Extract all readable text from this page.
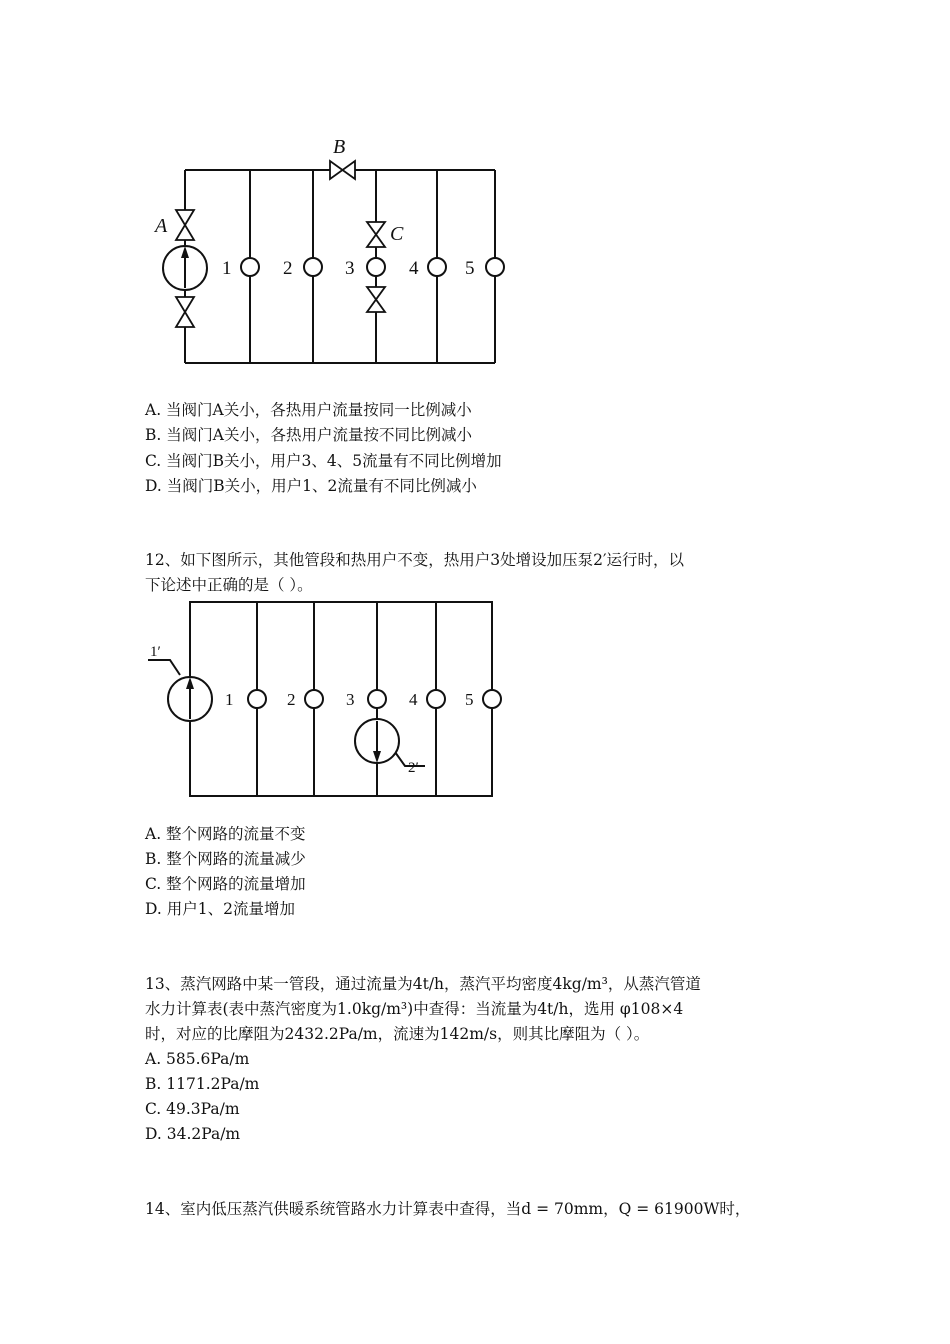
A
B
C
1	2	3	4 5
A. 当阀门A关小，各热用户流量按同一比例减小
B. 当阀门A关小，各热用户流量按不同比例减小
C. 当阀门B关小，用户3、4、5流量有不同比例增加
D. 当阀门B关小，用户1、2流量有不同比例减小
12、如下图所示，其他管段和热用户不变，热用户3处增设加压泵2′运行时，以
下论述中正确的是（ ）。
1′
2′
1	2	3	4	5
A. 整个网路的流量不变
B. 整个网路的流量减少
C. 整个网路的流量增加
D. 用户1、2流量增加
13、蒸汽网路中某一管段，通过流量为4t/h，蒸汽平均密度4kg/m³，从蒸汽管道
水力计算表(表中蒸汽密度为1.0kg/m³)中查得：当流量为4t/h，选用 φ108×4
时，对应的比摩阻为2432.2Pa/m，流速为142m/s，则其比摩阻为（ ）。
A. 585.6Pa/m
B. 1171.2Pa/m
C. 49.3Pa/m
D. 34.2Pa/m
14、室内低压蒸汽供暖系统管路水力计算表中查得，当d = 70mm，Q = 61900W时，
